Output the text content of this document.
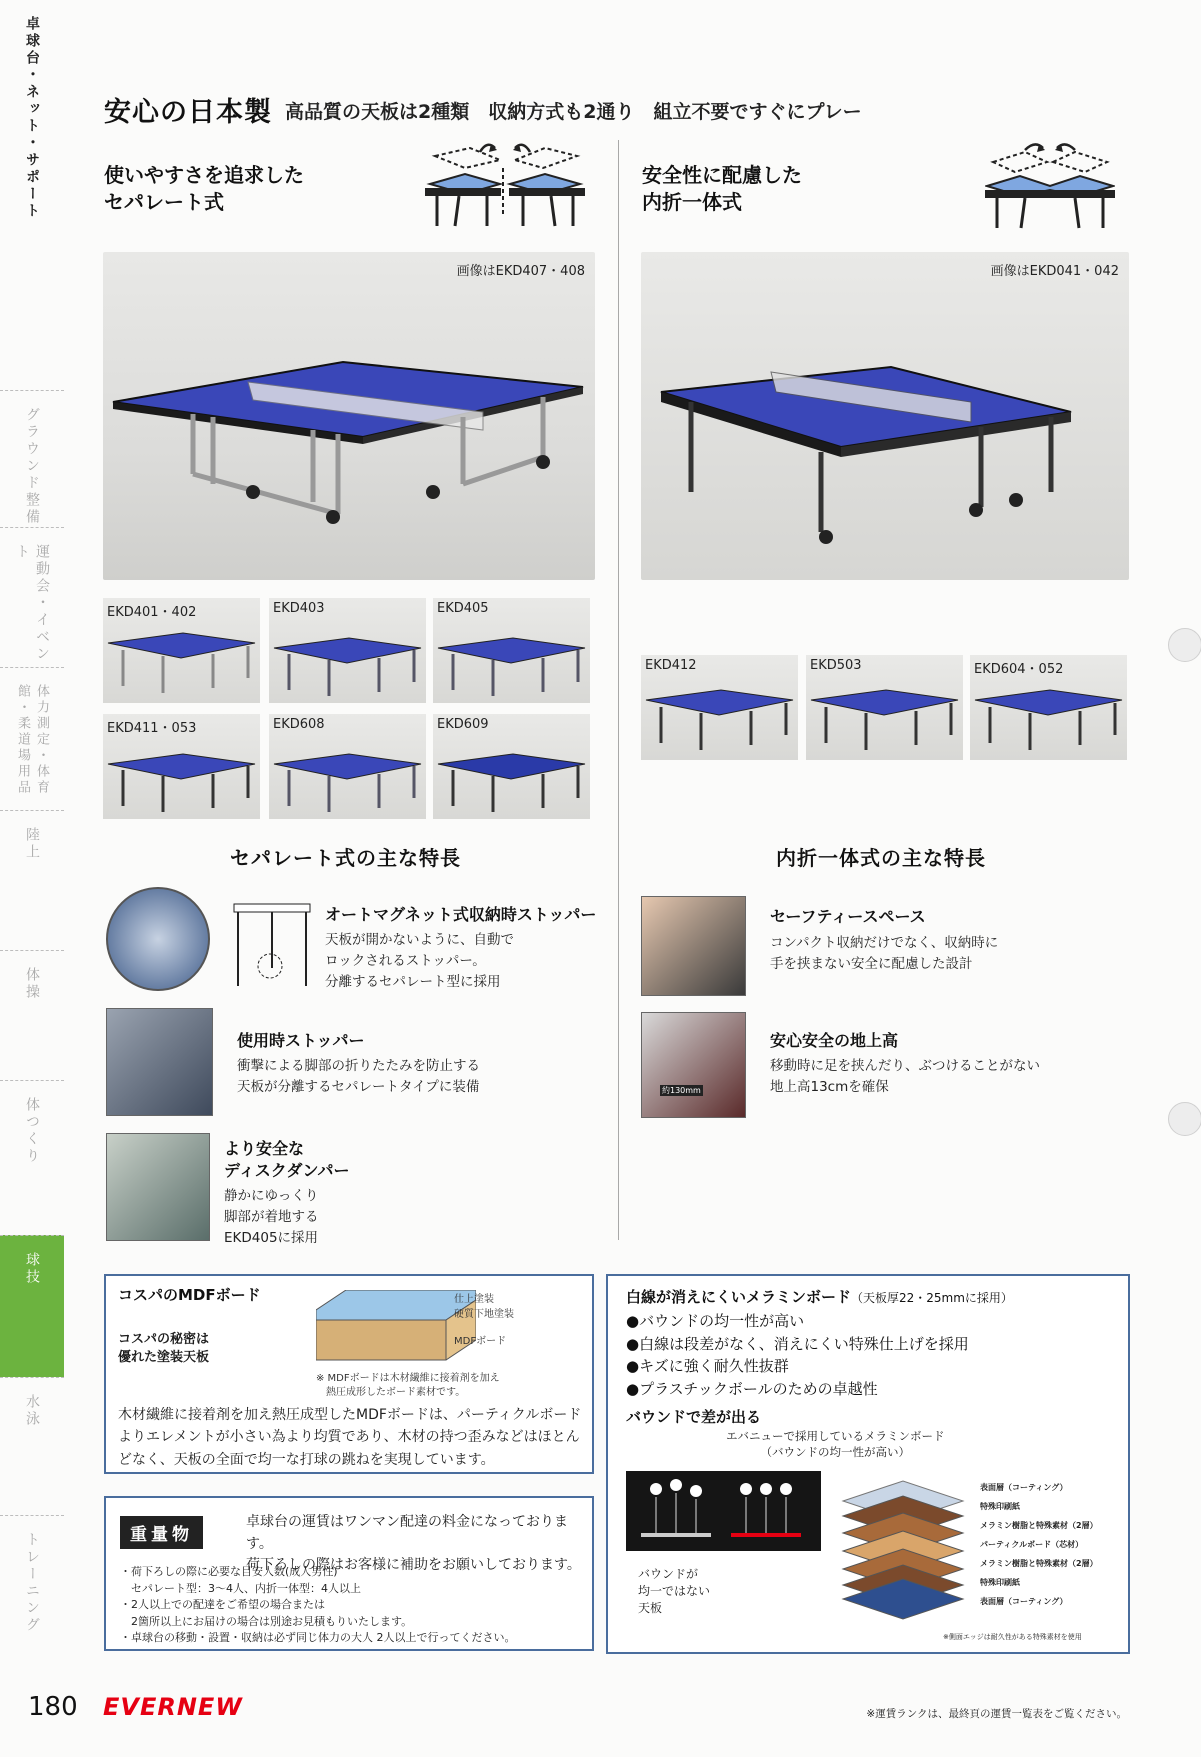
卓球台・ネット・サポート
グラウンド整備
運動会・イベント
体力測定・体育館・柔道場用品
陸上
体操
体つくり
球技
水泳
トレーニング
安心の日本製 高品質の天板は2種類　収納方式も2通り　組立不要ですぐにプレー
使いやすさを追求した
セパレート式
画像はEKD407・408
EKD401・402	EKD403	EKD405
EKD411・053	EKD608	EKD609
セパレート式の主な特長
オートマグネット式収納時ストッパー
天板が開かないように、自動で
ロックされるストッパー。
分離するセパレート型に採用
使用時ストッパー
衝撃による脚部の折りたたみを防止する
天板が分離するセパレートタイプに装備
より安全な
ディスクダンパー
静かにゆっくり
脚部が着地する
EKD405に採用
安全性に配慮した
内折一体式
画像はEKD041・042
EKD412	EKD503	EKD604・052
内折一体式の主な特長
セーフティースペース
コンパクト収納だけでなく、収納時に
手を挟まない安全に配慮した設計
約130mm
安心安全の地上高
移動時に足を挟んだり、ぶつけることがない
地上高13cmを確保
コスパのMDFボード
コスパの秘密は
優れた塗装天板
仕上塗装
硬質下地塗装
MDFボード
※ MDFボードは木材繊維に接着剤を加え
　熱圧成形したボード素材です。
木材繊維に接着剤を加え熱圧成型したMDFボードは、パーティクルボードよりエレメントが小さい為より均質であり、木材の持つ歪みなどはほとんどなく、天板の全面で均一な打球の跳ねを実現しています。
重量物
卓球台の運賃はワンマン配達の料金になっております。
荷下ろしの際はお客様に補助をお願いしております。
・荷下ろしの際に必要な目安人数(成人男性)
　セパレート型：3～4人、内折一体型：4人以上
・2人以上での配達をご希望の場合または
　2箇所以上にお届けの場合は別途お見積もりいたします。
・卓球台の移動・設置・収納は必ず同じ体力の大人 2人以上で行ってください。
白線が消えにくいメラミンボード（天板厚22・25mmに採用）
●バウンドの均一性が高い
●白線は段差がなく、消えにくい特殊仕上げを採用
●キズに強く耐久性抜群
●プラスチックボールのための卓越性
バウンドで差が出る
エバニューで採用しているメラミンボード
（バウンドの均一性が高い）
バウンドが
均一ではない
天板
表面層（コーティング）
特殊印刷紙
メラミン樹脂と特殊素材（2層）
パーティクルボード（芯材）
メラミン樹脂と特殊素材（2層）
特殊印刷紙
表面層（コーティング）
※側面エッジは耐久性がある特殊素材を使用
180 EVERNEW	※運賃ランクは、最終頁の運賃一覧表をご覧ください。
